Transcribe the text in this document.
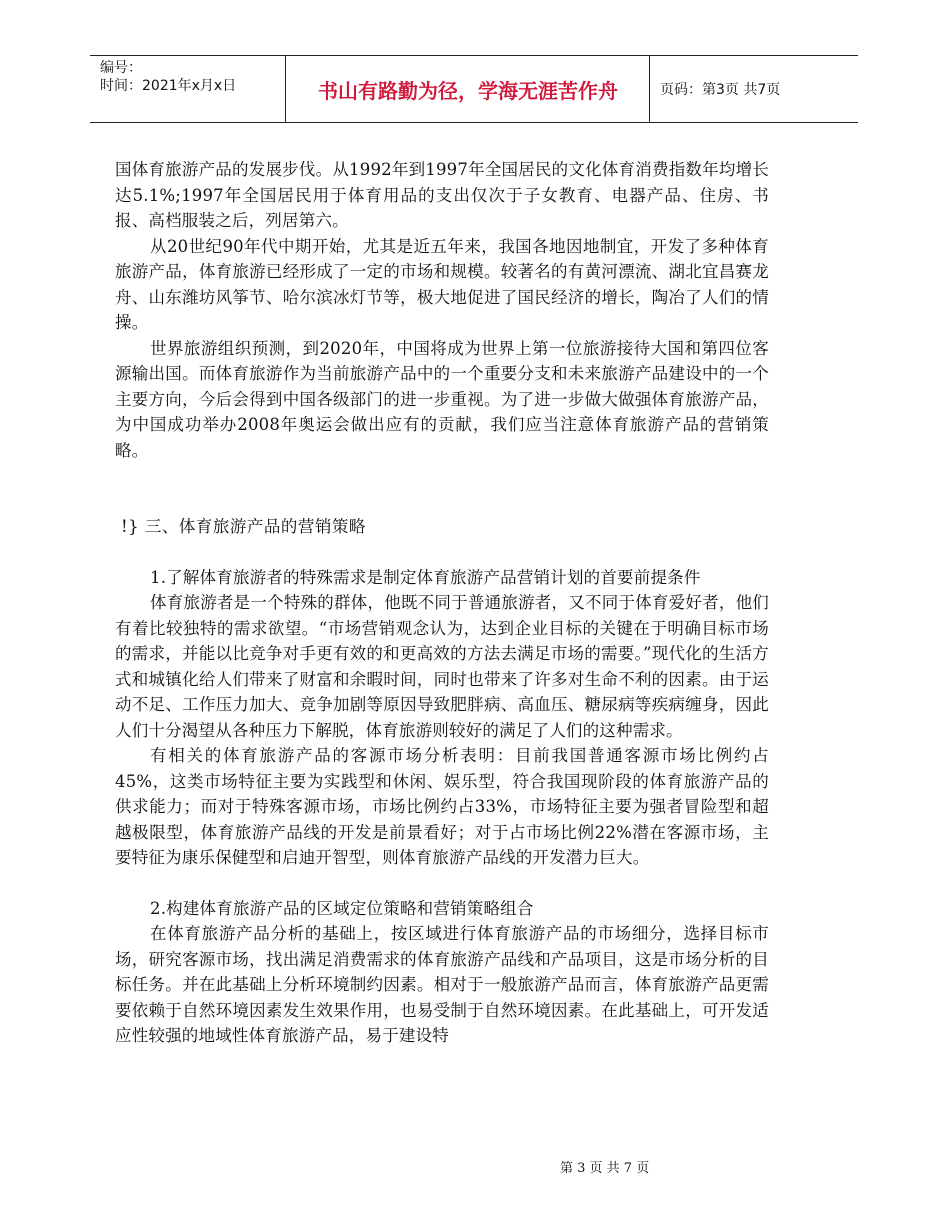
编号：
时间：2021年x月x日	书山有路勤为径，学海无涯苦作舟	页码：第3页 共7页

国体育旅游产品的发展步伐。从1992年到1997年全国居民的文化体育消费指数年均增长达5.1%;1997年全国居民用于体育用品的支出仅次于子女教育、电器产品、住房、书报、高档服装之后，列居第六。

从20世纪90年代中期开始，尤其是近五年来，我国各地因地制宜，开发了多种体育旅游产品，体育旅游已经形成了一定的市场和规模。较著名的有黄河漂流、湖北宜昌赛龙舟、山东潍坊风筝节、哈尔滨冰灯节等，极大地促进了国民经济的增长，陶冶了人们的情操。

世界旅游组织预测，到2020年，中国将成为世界上第一位旅游接待大国和第四位客源输出国。而体育旅游作为当前旅游产品中的一个重要分支和未来旅游产品建设中的一个主要方向，今后会得到中国各级部门的进一步重视。为了进一步做大做强体育旅游产品，为中国成功举办2008年奥运会做出应有的贡献，我们应当注意体育旅游产品的营销策略。

!} 三、体育旅游产品的营销策略

1.了解体育旅游者的特殊需求是制定体育旅游产品营销计划的首要前提条件

体育旅游者是一个特殊的群体，他既不同于普通旅游者，又不同于体育爱好者，他们有着比较独特的需求欲望。“市场营销观念认为，达到企业目标的关键在于明确目标市场的需求，并能以比竞争对手更有效的和更高效的方法去满足市场的需要。”现代化的生活方式和城镇化给人们带来了财富和余暇时间，同时也带来了许多对生命不利的因素。由于运动不足、工作压力加大、竞争加剧等原因导致肥胖病、高血压、糖尿病等疾病缠身，因此人们十分渴望从各种压力下解脱，体育旅游则较好的满足了人们的这种需求。

有相关的体育旅游产品的客源市场分析表明：目前我国普通客源市场比例约占45%，这类市场特征主要为实践型和休闲、娱乐型，符合我国现阶段的体育旅游产品的供求能力；而对于特殊客源市场，市场比例约占33%，市场特征主要为强者冒险型和超越极限型，体育旅游产品线的开发是前景看好；对于占市场比例22%潜在客源市场，主要特征为康乐保健型和启迪开智型，则体育旅游产品线的开发潜力巨大。

2.构建体育旅游产品的区域定位策略和营销策略组合

在体育旅游产品分析的基础上，按区域进行体育旅游产品的市场细分，选择目标市场，研究客源市场，找出满足消费需求的体育旅游产品线和产品项目，这是市场分析的目标任务。并在此基础上分析环境制约因素。相对于一般旅游产品而言，体育旅游产品更需要依赖于自然环境因素发生效果作用，也易受制于自然环境因素。在此基础上，可开发适应性较强的地域性体育旅游产品，易于建设特

第 3 页 共 7 页
